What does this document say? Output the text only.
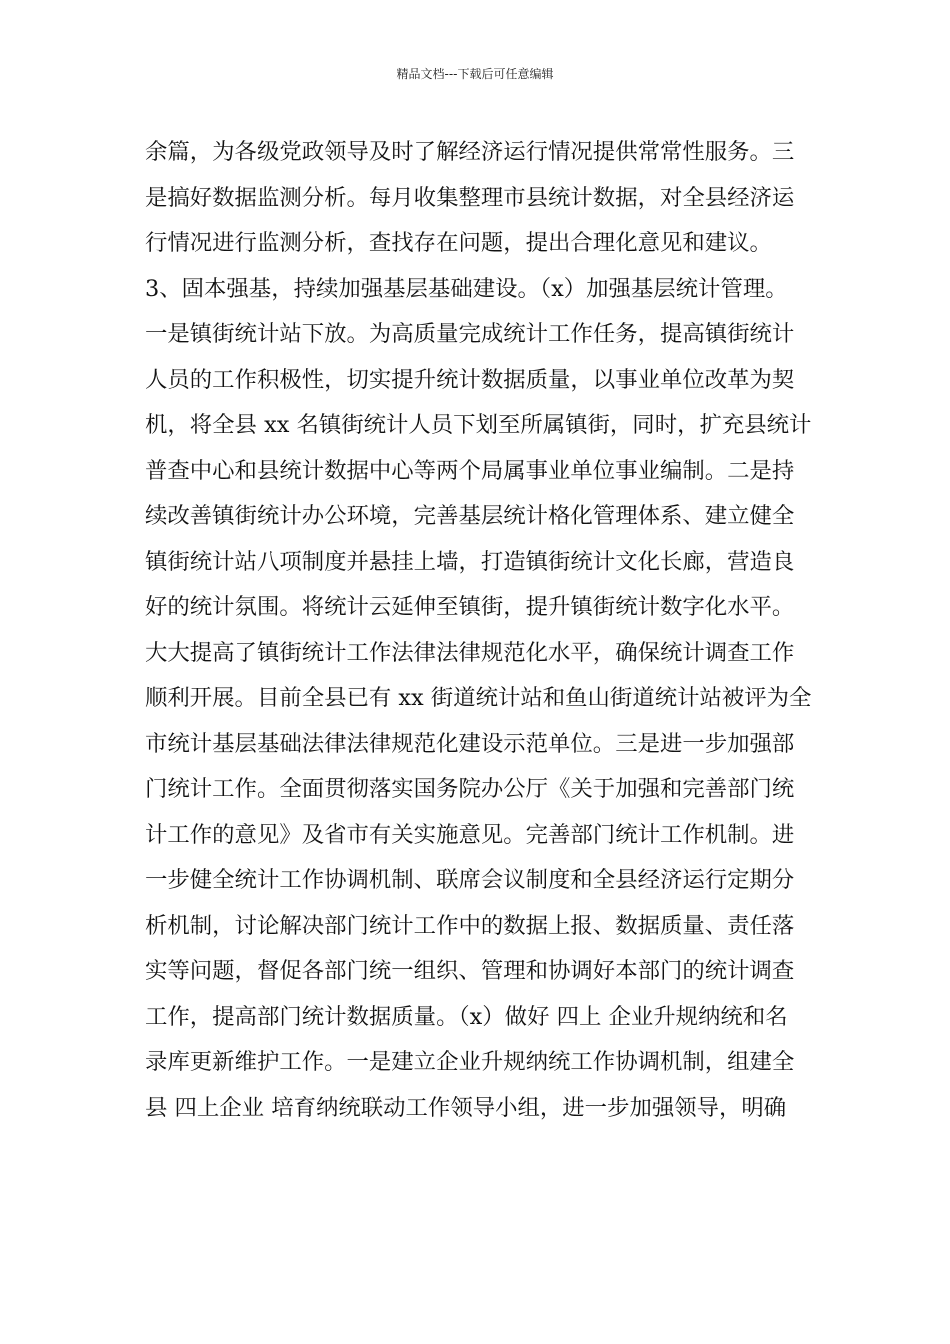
精品文档---下载后可任意编辑
余篇，为各级党政领导及时了解经济运行情况提供常常性服务。三
是搞好数据监测分析。每月收集整理市县统计数据，对全县经济运
行情况进行监测分析，查找存在问题，提出合理化意见和建议。
3、固本强基，持续加强基层基础建设。（x）加强基层统计管理。
一是镇街统计站下放。为高质量完成统计工作任务，提高镇街统计
人员的工作积极性，切实提升统计数据质量，以事业单位改革为契
机，将全县 xx 名镇街统计人员下划至所属镇街，同时，扩充县统计
普查中心和县统计数据中心等两个局属事业单位事业编制。二是持
续改善镇街统计办公环境，完善基层统计格化管理体系、建立健全
镇街统计站八项制度并悬挂上墙，打造镇街统计文化长廊，营造良
好的统计氛围。将统计云延伸至镇街，提升镇街统计数字化水平。
大大提高了镇街统计工作法律法律规范化水平，确保统计调查工作
顺利开展。目前全县已有 xx 街道统计站和鱼山街道统计站被评为全
市统计基层基础法律法律规范化建设示范单位。三是进一步加强部
门统计工作。全面贯彻落实国务院办公厅《关于加强和完善部门统
计工作的意见》及省市有关实施意见。完善部门统计工作机制。进
一步健全统计工作协调机制、联席会议制度和全县经济运行定期分
析机制，讨论解决部门统计工作中的数据上报、数据质量、责任落
实等问题，督促各部门统一组织、管理和协调好本部门的统计调查
工作，提高部门统计数据质量。（x）做好 四上 企业升规纳统和名
录库更新维护工作。一是建立企业升规纳统工作协调机制，组建全
县 四上企业 培育纳统联动工作领导小组，进一步加强领导，明确
